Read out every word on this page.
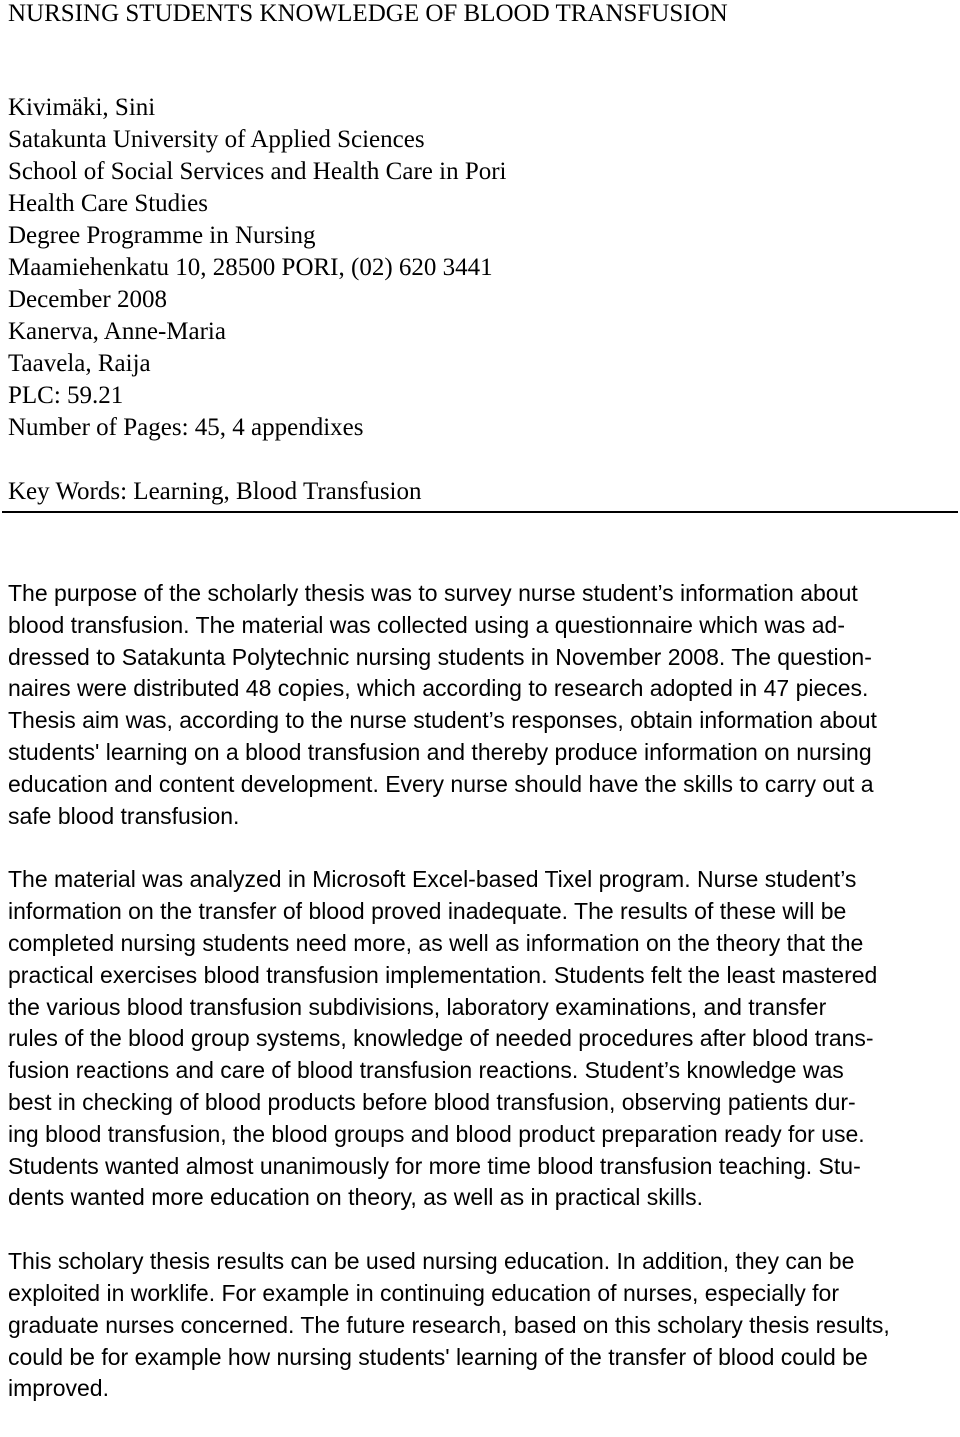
NURSING STUDENTS KNOWLEDGE OF BLOOD TRANSFUSION
Kivimäki, Sini
Satakunta University of Applied Sciences
School of Social Services and Health Care in Pori
Health Care Studies
Degree Programme in Nursing
Maamiehenkatu 10, 28500 PORI, (02) 620 3441
December 2008
Kanerva, Anne-Maria
Taavela, Raija
PLC: 59.21
Number of Pages: 45, 4 appendixes
Key Words: Learning, Blood Transfusion

The purpose of the scholarly thesis was to survey nurse student’s information about
blood transfusion. The material was collected using a questionnaire which was ad-
dressed to Satakunta Polytechnic nursing students in November 2008. The question-
naires were distributed 48 copies, which according to research adopted in 47 pieces.
Thesis aim was, according to the nurse student’s responses, obtain information about
students' learning on a blood transfusion and thereby produce information on nursing
education and content development. Every nurse should have the skills to carry out a
safe blood transfusion.

The material was analyzed in Microsoft Excel-based Tixel program. Nurse student’s
information on the transfer of blood proved inadequate. The results of these will be
completed nursing students need more, as well as information on the theory that the
practical exercises blood transfusion implementation. Students felt the least mastered
the various blood transfusion subdivisions, laboratory examinations, and transfer
rules of the blood group systems, knowledge of needed procedures after blood trans-
fusion reactions and care of blood transfusion reactions. Student’s knowledge was
best in checking of blood products before blood transfusion, observing patients dur-
ing blood transfusion, the blood groups and blood product preparation ready for use.
Students wanted almost unanimously for more time blood transfusion teaching. Stu-
dents wanted more education on theory, as well as in practical skills.

This scholary thesis results can be used nursing education. In addition, they can be
exploited in worklife. For example in continuing education of nurses, especially for
graduate nurses concerned. The future research, based on this scholary thesis results,
could be for example how nursing students' learning of the transfer of blood could be
improved.
